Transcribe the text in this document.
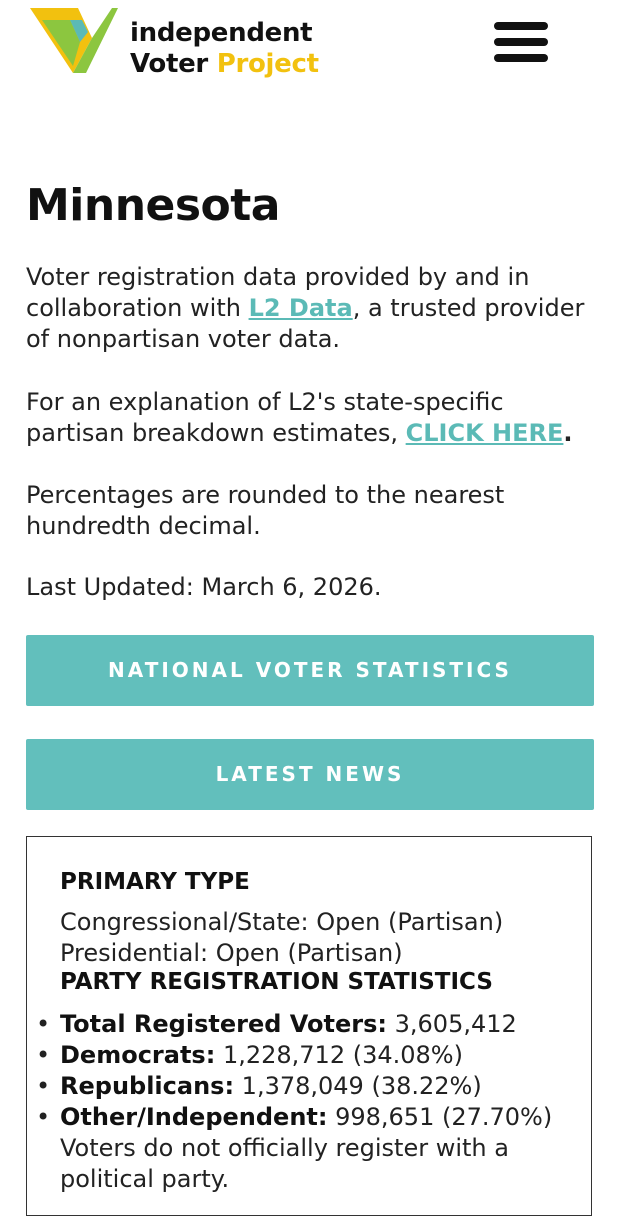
independent
Voter Project
Minnesota

Voter registration data provided by and in collaboration with L2 Data, a trusted provider of nonpartisan voter data.

For an explanation of L2's state-specific partisan breakdown estimates, CLICK HERE.

Percentages are rounded to the nearest hundredth decimal.

Last Updated: March 6, 2026.

NATIONAL VOTER STATISTICS
LATEST NEWS
PRIMARY TYPE
Congressional/State: Open (Partisan)
Presidential: Open (Partisan)
PARTY REGISTRATION STATISTICS
• Total Registered Voters: 3,605,412
• Democrats: 1,228,712 (34.08%)
• Republicans: 1,378,049 (38.22%)
• Other/Independent: 998,651 (27.70%)
Voters do not officially register with a political party.
